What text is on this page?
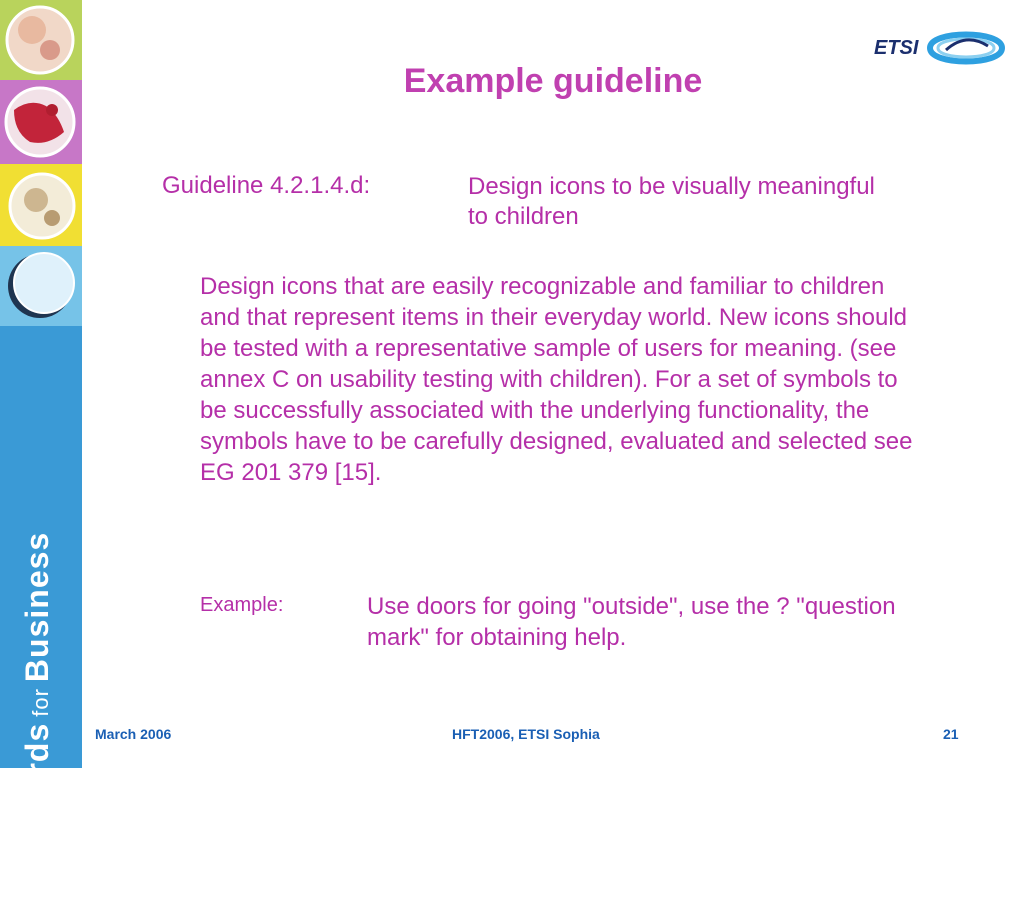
StandardsforBusiness
ETSI
Example guideline
Guideline 4.2.1.4.d:	Design icons to be visually meaningful to children
Design icons that are easily recognizable and familiar to children and that represent items in their everyday world. New icons should be tested with a representative sample of users for meaning. (see annex C on usability testing with children). For a set of symbols to be successfully associated with the underlying functionality, the symbols have to be carefully designed, evaluated and selected see EG 201 379 [15].
Example:	Use doors for going "outside", use the ? "question mark" for obtaining help.
March 2006	HFT2006, ETSI Sophia	21
